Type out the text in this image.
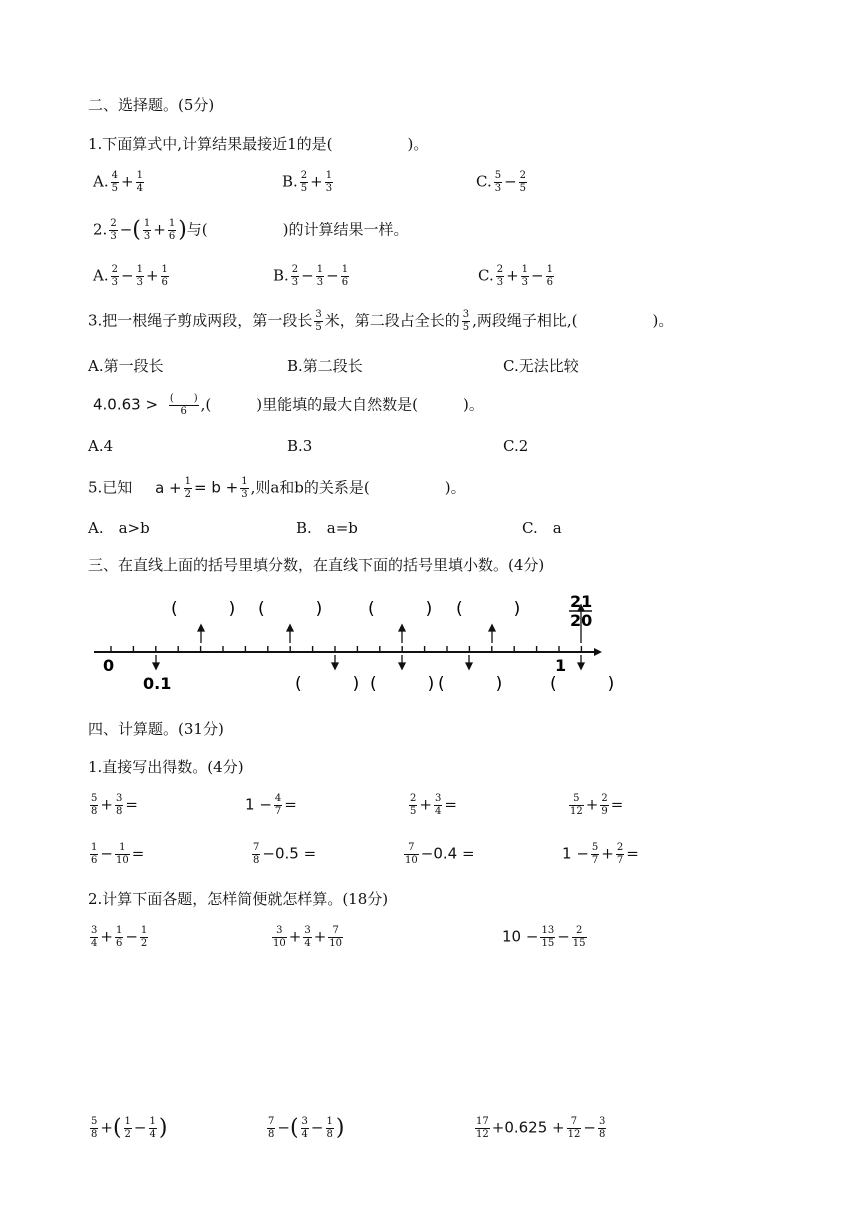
二、选择题。(5分)
1.下面算式中,计算结果最接近1的是(　　　　　)。
A. $\frac{4}{5} + \frac{1}{4}$	B. $\frac{2}{5} + \frac{1}{3}$	C. $\frac{5}{3} - \frac{2}{5}$
2. $\frac{2}{3}$ −( $\frac{1}{3} + \frac{1}{6}$ )与(　　　　　)的计算结果一样。
A. $\frac{2}{3} - \frac{1}{3} + \frac{1}{6}$	B. $\frac{2}{3} - \frac{1}{3} - \frac{1}{6}$	C. $\frac{2}{3} + \frac{1}{3} - \frac{1}{6}$
3.把一根绳子剪成两段，第一段长 $\frac{3}{5}$ 米，第二段占全长的 $\frac{3}{5}$ ,两段绳子相比,(　　　　　)。
A.第一段长	B.第二段长	C.无法比较
$4.0.63 > \frac{( )}{6}$ ,(　　　)里能填的最大自然数是(　　　)。
A.4	B.3	C.2
5.已知 $a + \frac{1}{2} = b + \frac{1}{3}$ ,则a和b的关系是(　　　　　)。
A.　a>b	B.　a=b	C.　a
三、在直线上面的括号里填分数，在直线下面的括号里填小数。(4分)
0
0.1
1
21
20
(　　　) (　　　)	(　　　) (　　　)
(　　　) (　　　) (　　　)	(　　　)
四、计算题。(31分)
1.直接写出得数。(4分)
$\frac{5}{8} + \frac{3}{8}$ =	$1 - \frac{4}{7}$ =	$\frac{2}{5} + \frac{3}{4}$ =	$\frac{5}{12} + \frac{2}{9}$ =
$\frac{1}{6} - \frac{1}{10}$ =	$\frac{7}{8} -0.5$ =	$\frac{7}{10} -0.4$ =	$1 - \frac{5}{7} + \frac{2}{7}$ =
2.计算下面各题，怎样简便就怎样算。(18分)
$\frac{3}{4} + \frac{1}{6} - \frac{1}{2}$	$\frac{3}{10} + \frac{3}{4} + \frac{7}{10}$	$10 - \frac{13}{15} - \frac{2}{15}$
$\frac{5}{8}$ +( $\frac{1}{2} - \frac{1}{4}$ )	$\frac{7}{8}$ −( $\frac{3}{4} - \frac{1}{8}$ )	$\frac{17}{12} +0.625 + \frac{7}{12} - \frac{3}{8}$
